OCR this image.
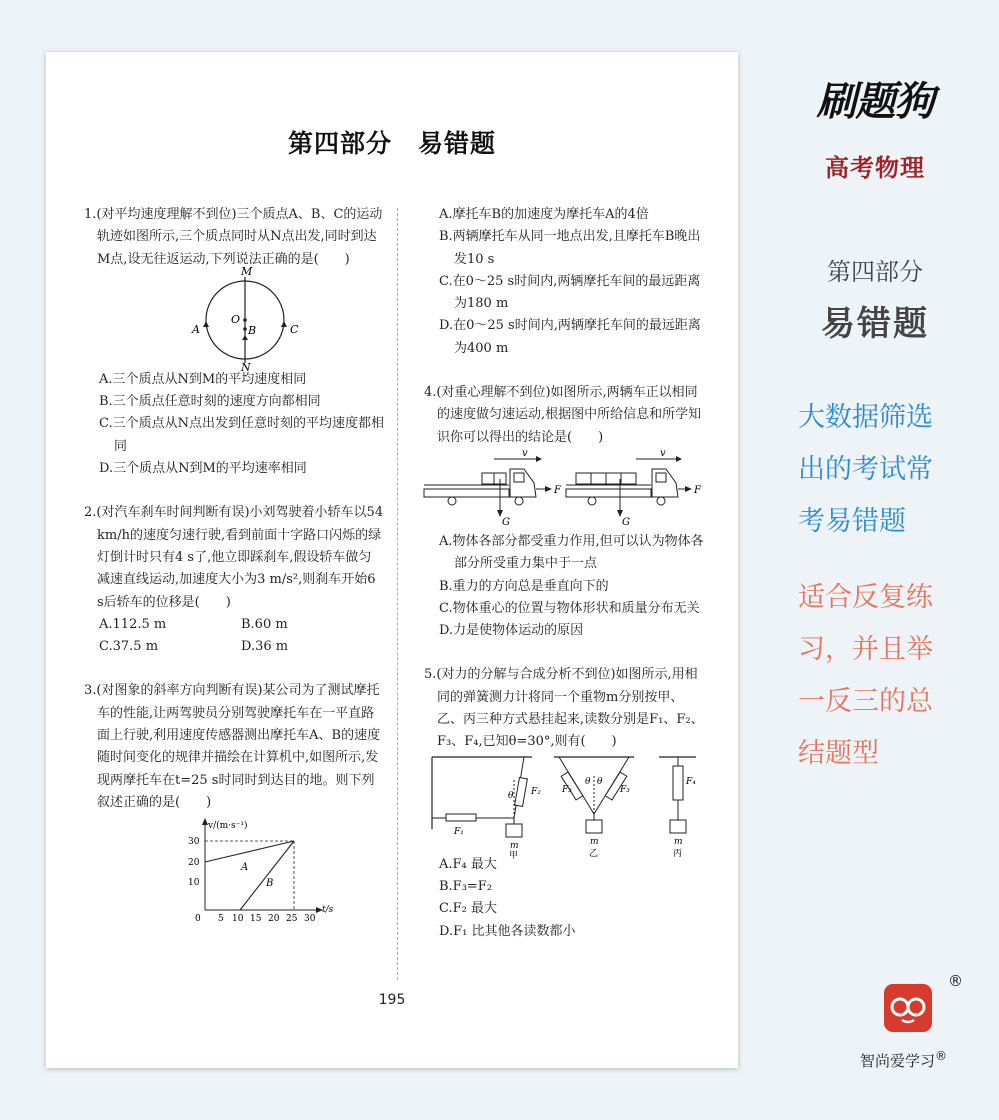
第四部分 易错题
1.(对平均速度理解不到位)三个质点A、B、C的运动轨迹如图所示,三个质点同时从N点出发,同时到达M点,设无往返运动,下列说法正确的是(　　)
M
N
O
B
A	C
A.三个质点从N到M的平均速度相同
B.三个质点任意时刻的速度方向都相同
C.三个质点从N点出发到任意时刻的平均速度都相同
D.三个质点从N到M的平均速率相同
2.(对汽车刹车时间判断有误)小刘驾驶着小轿车以54 km/h的速度匀速行驶,看到前面十字路口闪烁的绿灯倒计时只有4 s了,他立即踩刹车,假设轿车做匀减速直线运动,加速度大小为3 m/s²,则刹车开始6 s后轿车的位移是(　　)
A.112.5 m	B.60 m
C.37.5 m	D.36 m
3.(对图象的斜率方向判断有误)某公司为了测试摩托车的性能,让两驾驶员分别驾驶摩托车在一平直路面上行驶,利用速度传感器测出摩托车A、B的速度随时间变化的规律并描绘在计算机中,如图所示,发现两摩托车在t=25 s时同时到达目的地。则下列叙述正确的是(　　)
v/(m·s⁻¹)
t/s
30
20
10
A
B
0 5 10 15 20 25 30
A.摩托车B的加速度为摩托车A的4倍
B.两辆摩托车从同一地点出发,且摩托车B晚出发10 s
C.在0～25 s时间内,两辆摩托车间的最远距离为180 m
D.在0～25 s时间内,两辆摩托车间的最远距离为400 m
4.(对重心理解不到位)如图所示,两辆车正以相同的速度做匀速运动,根据图中所给信息和所学知识你可以得出的结论是(　　)
v
F
G
v
F
G
A.物体各部分都受重力作用,但可以认为物体各部分所受重力集中于一点
B.重力的方向总是垂直向下的
C.物体重心的位置与物体形状和质量分布无关
D.力是使物体运动的原因
5.(对力的分解与合成分析不到位)如图所示,用相同的弹簧测力计将同一个重物m分别按甲、乙、丙三种方式悬挂起来,读数分别是F₁、F₂、F₃、F₄,已知θ=30°,则有(　　)
F₁
θ F₂
m
甲
F₃
θ θ
F₃
m
乙
F₄
m
丙
A.F₄ 最大
B.F₃=F₂
C.F₂ 最大
D.F₁ 比其他各读数都小
195
刷题狗
高考物理
第四部分
易错题
大数据筛选
出的考试常
考易错题
适合反复练
习，并且举
一反三的总
结题型
®
智尚爱学习®
